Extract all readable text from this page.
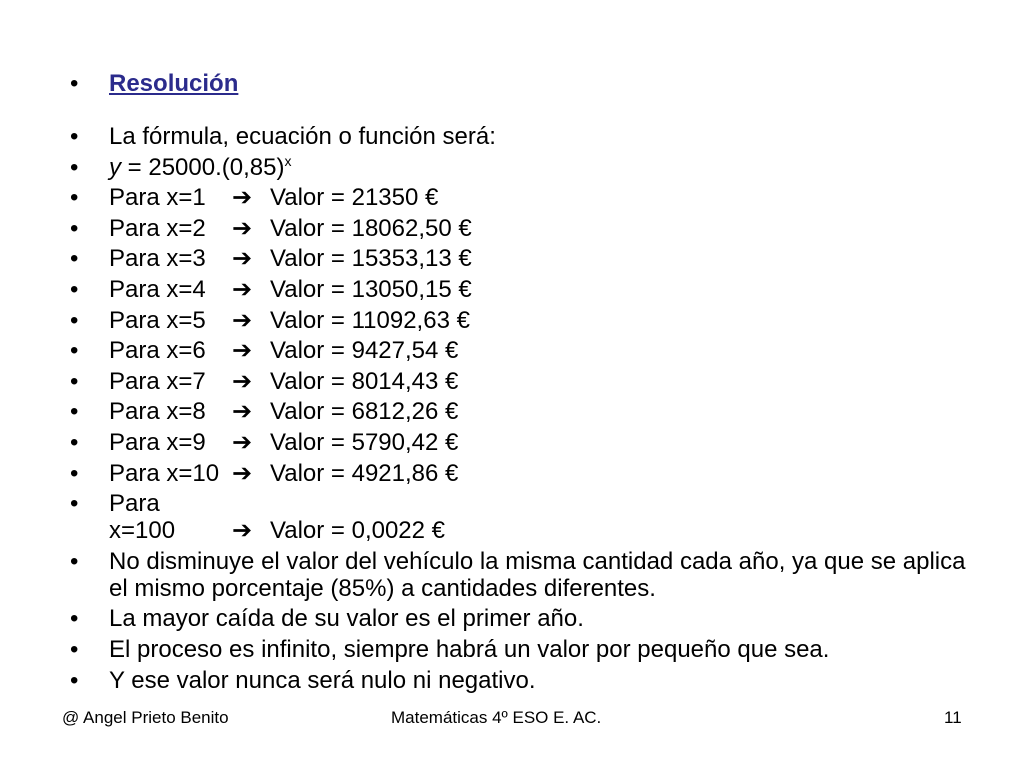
• Resolución
• La fórmula, ecuación o función será:
• $y = 25000.(0,85)^x$
• Para x=1 ➔ Valor = 21350 €
• Para x=2 ➔ Valor = 18062,50 €
• Para x=3 ➔ Valor = 15353,13 €
• Para x=4 ➔ Valor = 13050,15 €
• Para x=5 ➔ Valor = 11092,63 €
• Para x=6 ➔ Valor = 9427,54 €
• Para x=7 ➔ Valor = 8014,43 €
• Para x=8 ➔ Valor = 6812,26 €
• Para x=9 ➔ Valor = 5790,42 €
• Para x=10 ➔ Valor = 4921,86 €
• Para x=100 ➔ Valor = 0,0022 €
• No disminuye el valor del vehículo la misma cantidad cada año, ya que se aplica el mismo porcentaje (85%) a cantidades diferentes.
• La mayor caída de su valor es el primer año.
• El proceso es infinito, siempre habrá un valor por pequeño que sea.
• Y ese valor nunca será nulo ni negativo.
@ Angel Prieto Benito	Matemáticas 4º ESO E. AC.	11
